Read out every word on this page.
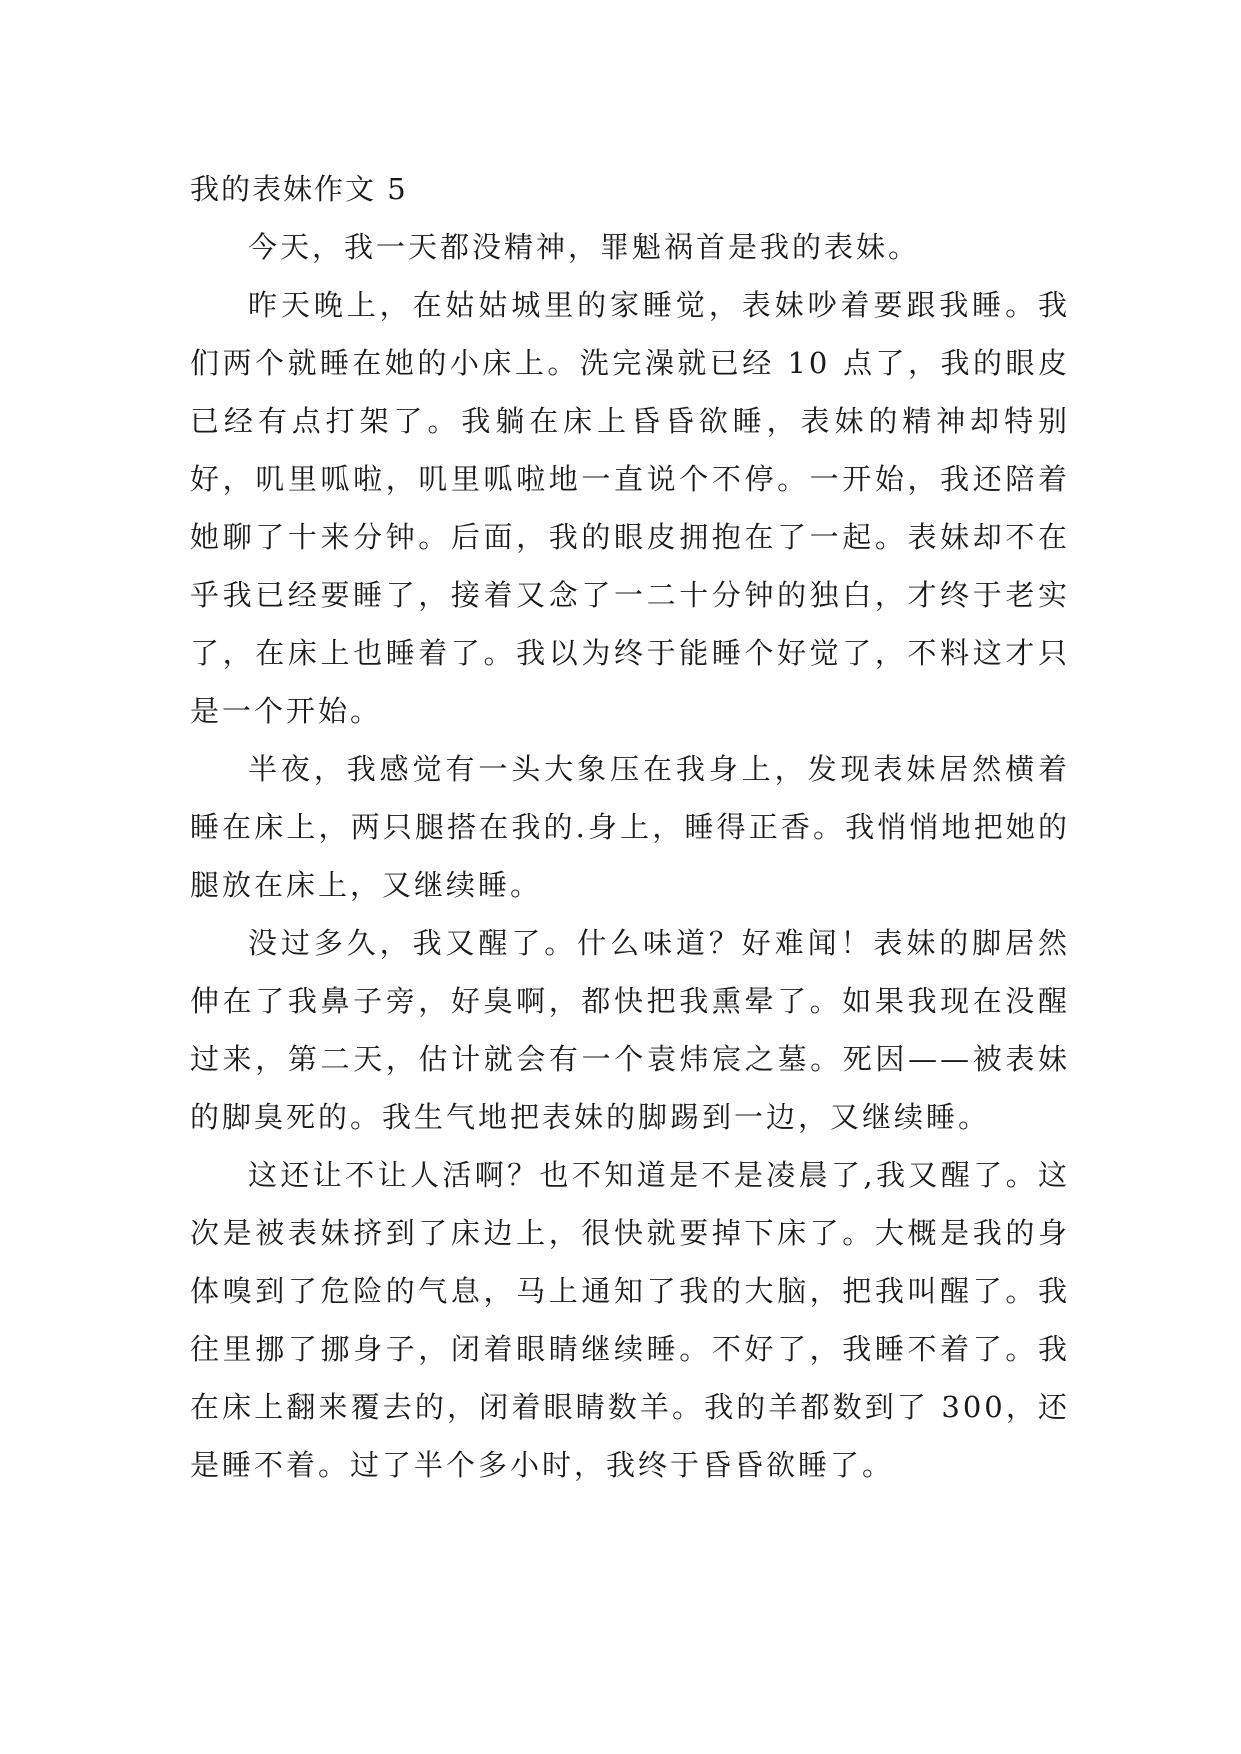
我的表妹作文 5

今天，我一天都没精神，罪魁祸首是我的表妹。

昨天晚上，在姑姑城里的家睡觉，表妹吵着要跟我睡。我们两个就睡在她的小床上。洗完澡就已经 10 点了，我的眼皮已经有点打架了。我躺在床上昏昏欲睡，表妹的精神却特别好，叽里呱啦，叽里呱啦地一直说个不停。一开始，我还陪着她聊了十来分钟。后面，我的眼皮拥抱在了一起。表妹却不在乎我已经要睡了，接着又念了一二十分钟的独白，才终于老实了，在床上也睡着了。我以为终于能睡个好觉了，不料这才只是一个开始。

半夜，我感觉有一头大象压在我身上，发现表妹居然横着睡在床上，两只腿搭在我的.身上，睡得正香。我悄悄地把她的腿放在床上，又继续睡。

没过多久，我又醒了。什么味道？好难闻！表妹的脚居然伸在了我鼻子旁，好臭啊，都快把我熏晕了。如果我现在没醒过来，第二天，估计就会有一个袁炜宸之墓。死因——被表妹的脚臭死的。我生气地把表妹的脚踢到一边，又继续睡。

这还让不让人活啊？也不知道是不是凌晨了,我又醒了。这次是被表妹挤到了床边上，很快就要掉下床了。大概是我的身体嗅到了危险的气息，马上通知了我的大脑，把我叫醒了。我往里挪了挪身子，闭着眼睛继续睡。不好了，我睡不着了。我在床上翻来覆去的，闭着眼睛数羊。我的羊都数到了 300，还是睡不着。过了半个多小时，我终于昏昏欲睡了。
